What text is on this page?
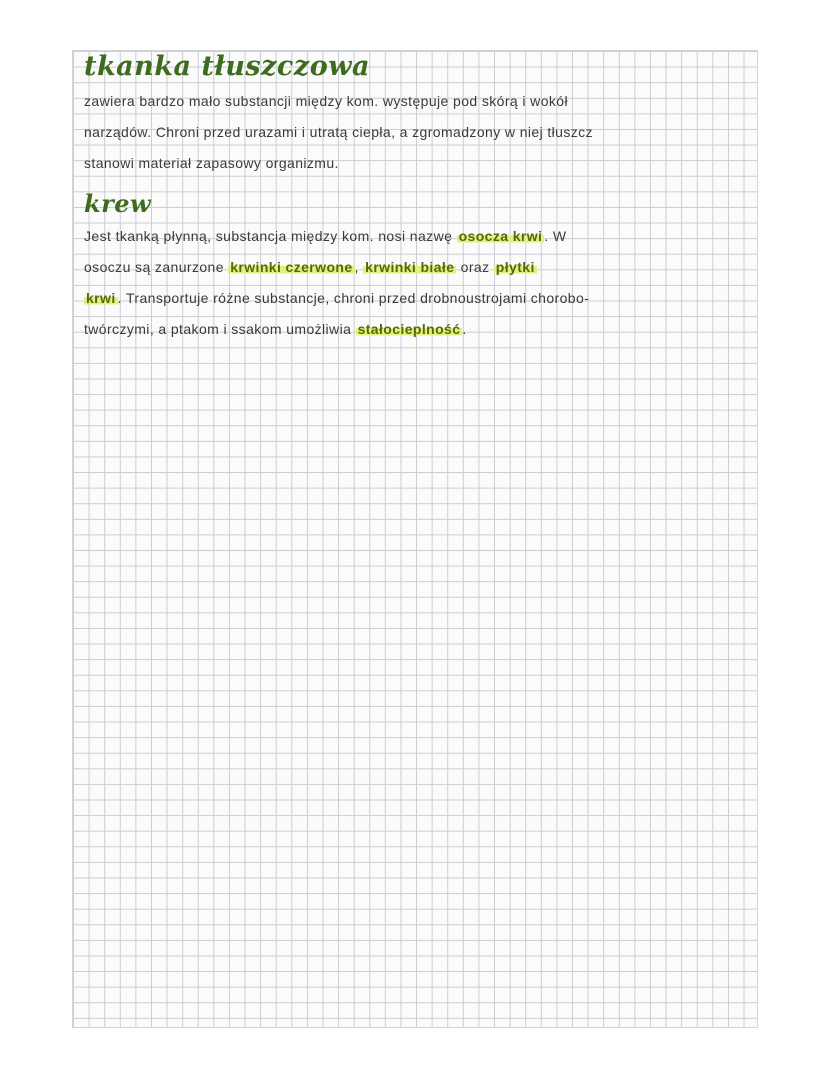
tkanka tłuszczowa

zawiera bardzo mało substancji między kom. występuje pod skórą i wokół
narządów. Chroni przed urazami i utratą ciepła, a zgromadzony w niej tłuszcz
stanowi materiał zapasowy organizmu.

krew

Jest tkanką płynną, substancja między kom. nosi nazwę osocza krwi . W
osoczu są zanurzone krwinki czerwone , krwinki białe oraz płytki
krwi . Transportuje różne substancje, chroni przed drobnoustrojami chorobo-
twórczymi, a ptakom i ssakom umożliwia stałocieplność .
